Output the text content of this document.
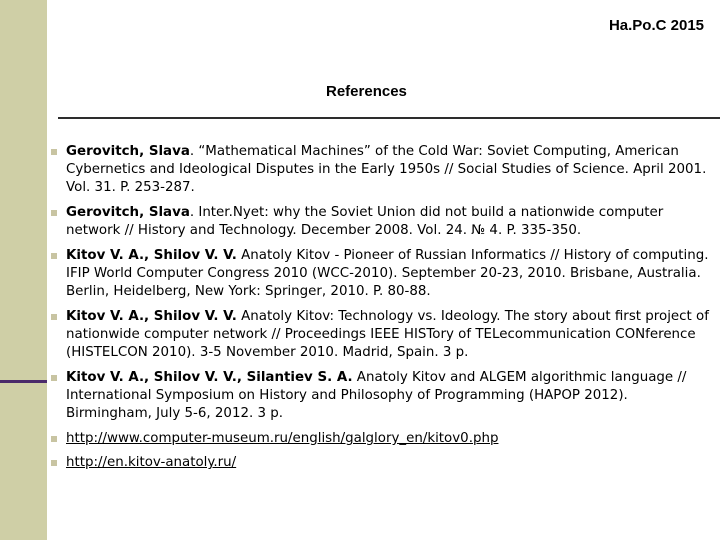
Ha.Po.C 2015
References
Gerovitch, Slava. “Mathematical Machines” of the Cold War: Soviet Computing, American Cybernetics and Ideological Disputes in the Early 1950s // Social Studies of Science. April 2001. Vol. 31. P. 253-287.
Gerovitch, Slava. Inter.Nyet: why the Soviet Union did not build a nationwide computer network // History and Technology. December 2008. Vol. 24. № 4. P. 335-350.
Kitov V. A., Shilov V. V. Anatoly Kitov - Pioneer of Russian Informatics // History of computing. IFIP World Computer Congress 2010 (WCC-2010). September 20-23, 2010. Brisbane, Australia. Berlin, Heidelberg, New York: Springer, 2010. P. 80-88.
Kitov V. A., Shilov V. V. Anatoly Kitov: Technology vs. Ideology. The story about first project of nationwide computer network // Proceedings IEEE HISTory of TELecommunication CONference (HISTELCON 2010). 3-5 November 2010. Madrid, Spain. 3 p.
Kitov V. A., Shilov V. V., Silantiev S. A. Anatoly Kitov and ALGEM algorithmic language // International Symposium on History and Philosophy of Programming (HAPOP 2012). Birmingham, July 5-6, 2012. 3 p.
http://www.computer-museum.ru/english/galglory_en/kitov0.php
http://en.kitov-anatoly.ru/
